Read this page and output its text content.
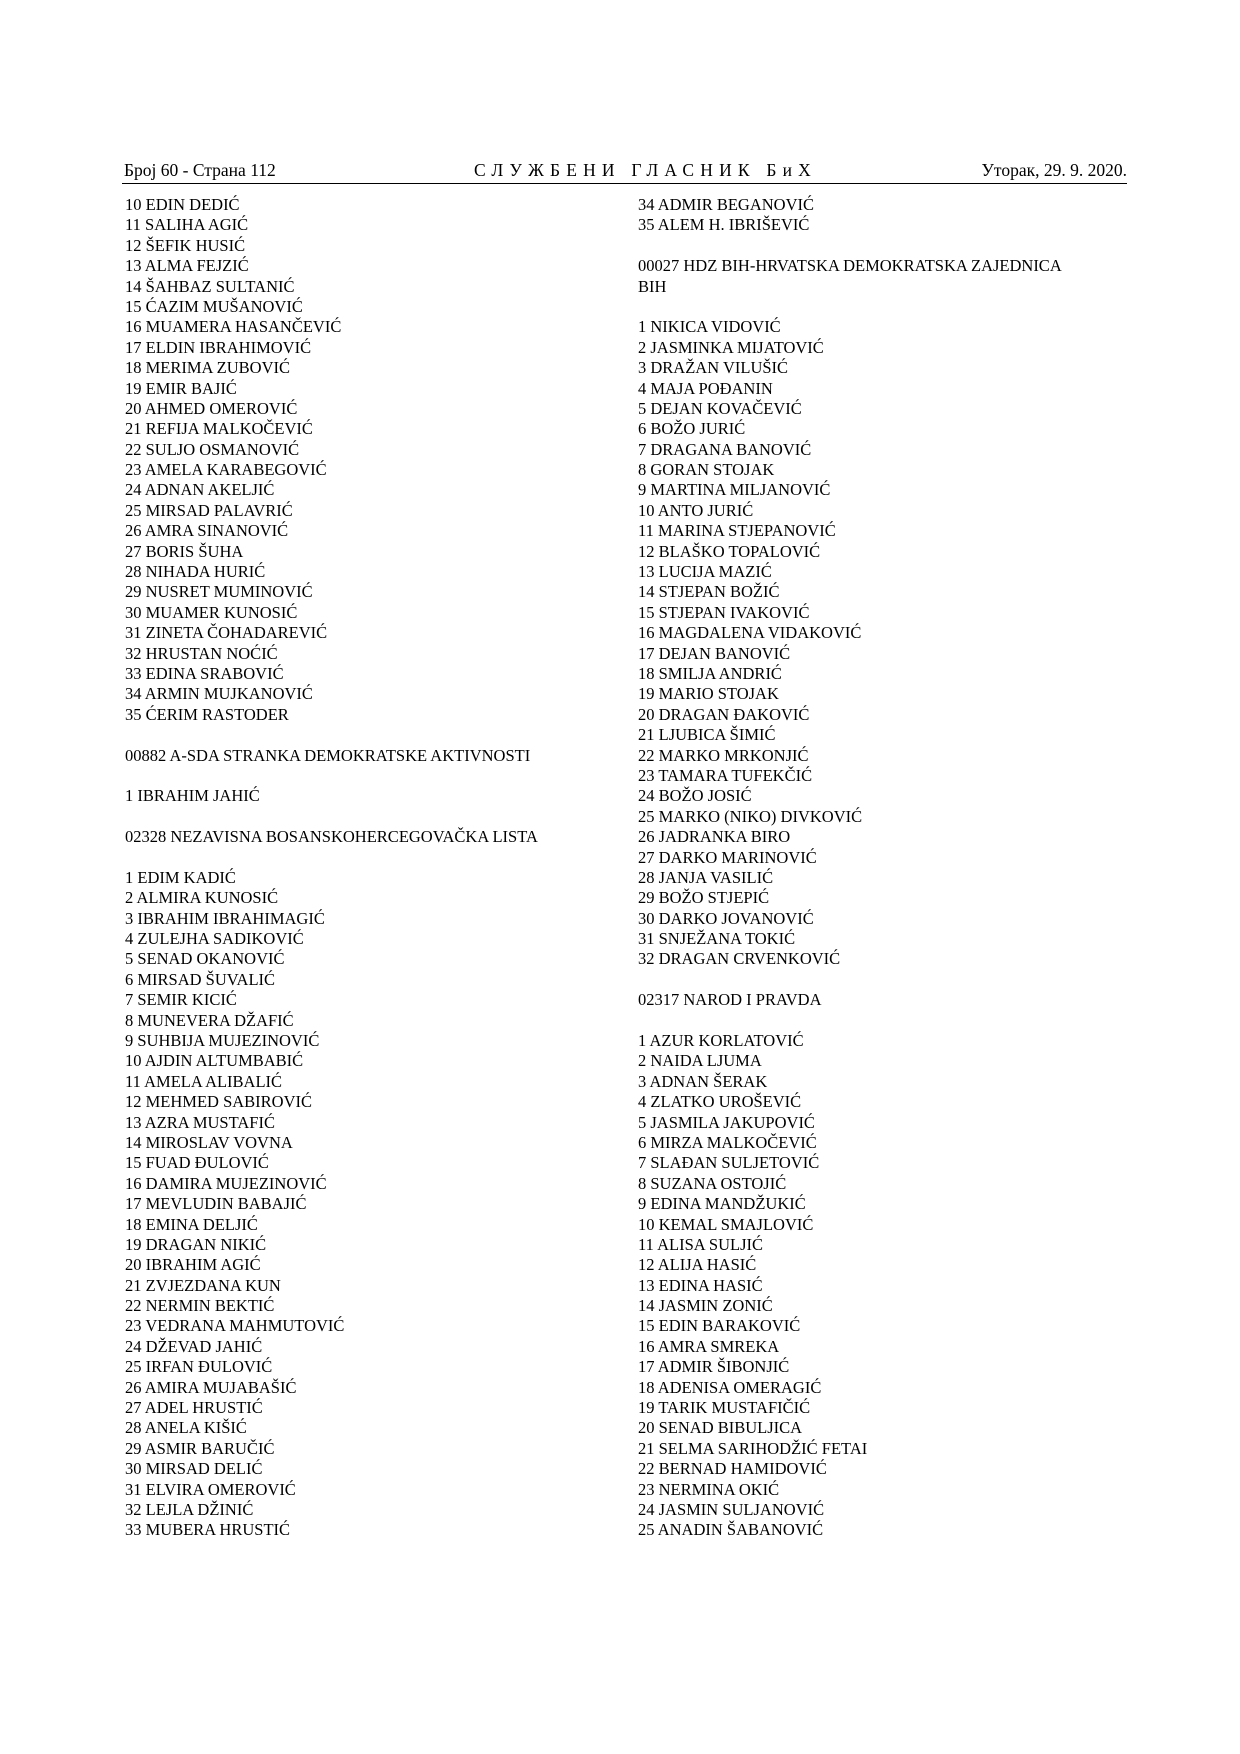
Број 60 - Страна 112	СЛУЖБЕНИ ГЛАСНИК БиХ	Уторак, 29. 9. 2020.
10 EDIN DEDIĆ
11 SALIHA AGIĆ
12 ŠEFIK HUSIĆ
13 ALMA FEJZIĆ
14 ŠAHBAZ SULTANIĆ
15 ĆAZIM MUŠANOVIĆ
16 MUAMERA HASANČEVIĆ
17 ELDIN IBRAHIMOVIĆ
18 MERIMA ZUBOVIĆ
19 EMIR BAJIĆ
20 AHMED OMEROVIĆ
21 REFIJA MALKOČEVIĆ
22 SULJO OSMANOVIĆ
23 AMELA KARABEGOVIĆ
24 ADNAN AKELJIĆ
25 MIRSAD PALAVRIĆ
26 AMRA SINANOVIĆ
27 BORIS ŠUHA
28 NIHADA HURIĆ
29 NUSRET MUMINOVIĆ
30 MUAMER KUNOSIĆ
31 ZINETA ČOHADAREVIĆ
32 HRUSTAN NOĆIĆ
33 EDINA SRABOVIĆ
34 ARMIN MUJKANOVIĆ
35 ĆERIM RASTODER
00882 A-SDA STRANKA DEMOKRATSKE AKTIVNOSTI
1 IBRAHIM JAHIĆ
02328 NEZAVISNA BOSANSKOHERCEGOVAČKA LISTA
1 EDIM KADIĆ
2 ALMIRA KUNOSIĆ
3 IBRAHIM IBRAHIMAGIĆ
4 ZULEJHA SADIKOVIĆ
5 SENAD OKANOVIĆ
6 MIRSAD ŠUVALIĆ
7 SEMIR KICIĆ
8 MUNEVERA DŽAFIĆ
9 SUHBIJA MUJEZINOVIĆ
10 AJDIN ALTUMBABIĆ
11 AMELA ALIBALIĆ
12 MEHMED SABIROVIĆ
13 AZRA MUSTAFIĆ
14 MIROSLAV VOVNA
15 FUAD ĐULOVIĆ
16 DAMIRA MUJEZINOVIĆ
17 MEVLUDIN BABAJIĆ
18 EMINA DELJIĆ
19 DRAGAN NIKIĆ
20 IBRAHIM AGIĆ
21 ZVJEZDANA KUN
22 NERMIN BEKTIĆ
23 VEDRANA MAHMUTOVIĆ
24 DŽEVAD JAHIĆ
25 IRFAN ĐULOVIĆ
26 AMIRA MUJABAŠIĆ
27 ADEL HRUSTIĆ
28 ANELA KIŠIĆ
29 ASMIR BARUČIĆ
30 MIRSAD DELIĆ
31 ELVIRA OMEROVIĆ
32 LEJLA DŽINIĆ
33 MUBERA HRUSTIĆ
34 ADMIR BEGANOVIĆ
35 ALEM H. IBRIŠEVIĆ
00027 HDZ BIH-HRVATSKA DEMOKRATSKA ZAJEDNICA
BIH
1 NIKICA VIDOVIĆ
2 JASMINKA MIJATOVIĆ
3 DRAŽAN VILUŠIĆ
4 MAJA POĐANIN
5 DEJAN KOVAČEVIĆ
6 BOŽO JURIĆ
7 DRAGANA BANOVIĆ
8 GORAN STOJAK
9 MARTINA MILJANOVIĆ
10 ANTO JURIĆ
11 MARINA STJEPANOVIĆ
12 BLAŠKO TOPALOVIĆ
13 LUCIJA MAZIĆ
14 STJEPAN BOŽIĆ
15 STJEPAN IVAKOVIĆ
16 MAGDALENA VIDAKOVIĆ
17 DEJAN BANOVIĆ
18 SMILJA ANDRIĆ
19 MARIO STOJAK
20 DRAGAN ĐAKOVIĆ
21 LJUBICA ŠIMIĆ
22 MARKO MRKONJIĆ
23 TAMARA TUFEKČIĆ
24 BOŽO JOSIĆ
25 MARKO (NIKO) DIVKOVIĆ
26 JADRANKA BIRO
27 DARKO MARINOVIĆ
28 JANJA VASILIĆ
29 BOŽO STJEPIĆ
30 DARKO JOVANOVIĆ
31 SNJEŽANA TOKIĆ
32 DRAGAN CRVENKOVIĆ
02317 NAROD I PRAVDA
1 AZUR KORLATOVIĆ
2 NAIDA LJUMA
3 ADNAN ŠERAK
4 ZLATKO UROŠEVIĆ
5 JASMILA JAKUPOVIĆ
6 MIRZA MALKOČEVIĆ
7 SLAĐAN SULJETOVIĆ
8 SUZANA OSTOJIĆ
9 EDINA MANDŽUKIĆ
10 KEMAL SMAJLOVIĆ
11 ALISA SULJIĆ
12 ALIJA HASIĆ
13 EDINA HASIĆ
14 JASMIN ZONIĆ
15 EDIN BARAKOVIĆ
16 AMRA SMREKA
17 ADMIR ŠIBONJIĆ
18 ADENISA OMERAGIĆ
19 TARIK MUSTAFIČIĆ
20 SENAD BIBULJICA
21 SELMA SARIHODŽIĆ FETAI
22 BERNAD HAMIDOVIĆ
23 NERMINA OKIĆ
24 JASMIN SULJANOVIĆ
25 ANADIN ŠABANOVIĆ
